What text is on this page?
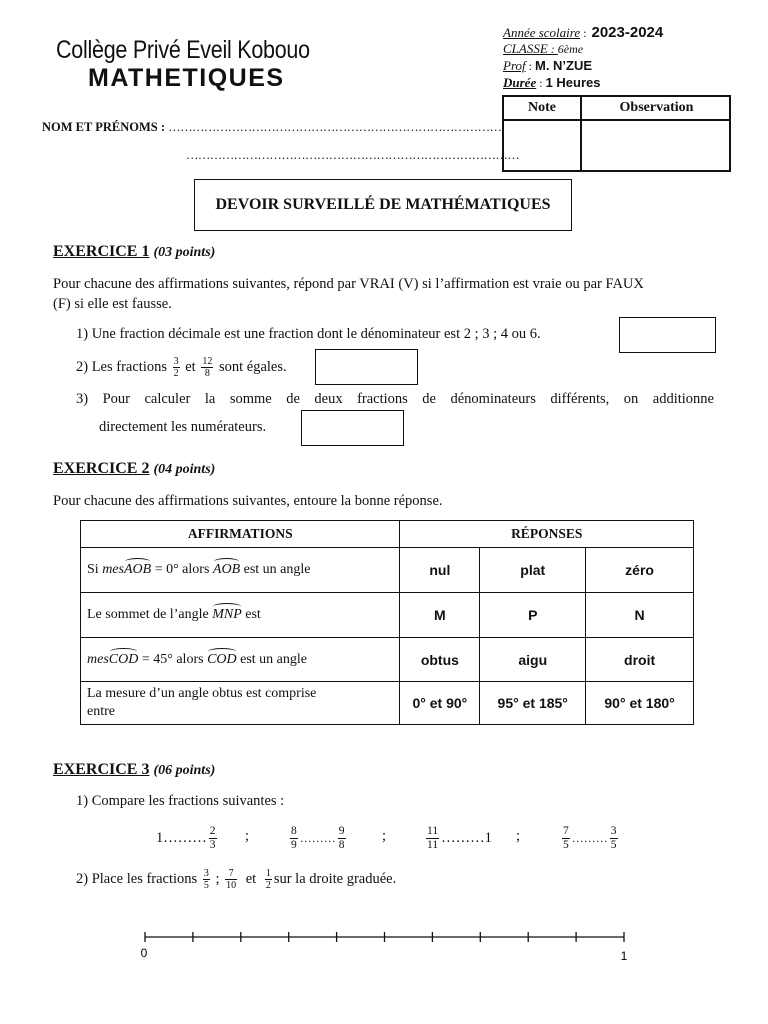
Collège Privé Eveil Kobouo
MATHETIQUES
Année scolaire : 2023-2024
CLASSE : 6ème
Prof : M. N’ZUE
Durée : 1 Heures
NOM ET PRÉNOMS : …………………………………………………………………………
…………………………………………………………………………
Note	Observation
DEVOIR SURVEILLÉ DE MATHÉMATIQUES
EXERCICE 1 (03 points)
Pour chacune des affirmations suivantes, répond par VRAI (V) si l’affirmation est vraie ou par FAUX
(F) si elle est fausse.
1) Une fraction décimale est une fraction dont le dénominateur est 2 ; 3 ; 4 ou 6.
2) Les fractions $\frac{3}{2}$ et $\frac{12}{8}$ sont égales.
3) Pour calculer la somme de deux fractions de dénominateurs différents, on additionne
directement les numérateurs.
EXERCICE 2 (04 points)
Pour chacune des affirmations suivantes, entoure la bonne réponse.
AFFIRMATIONS	RÉPONSES		
Si mesAOB = 0° alors AOB est un angle	nul	plat	zéro
Le sommet de l’angle MNP est	M	P	N
mesCOD = 45° alors COD est un angle	obtus	aigu	droit
La mesure d’un angle obtus est comprise
entre	0° et 90°	95° et 185°	90° et 180°
EXERCICE 3 (06 points)
1) Compare les fractions suivantes :
1……… $\frac{2}{3}$ ;	$\frac{8}{9}$ ……… $\frac{9}{8}$	;	$\frac{11}{11}$ ………1 ;	$\frac{7}{5}$ ……… $\frac{3}{5}$
2) Place les fractions $\frac{3}{5}$ ; $\frac{7}{10}$ et $\frac{1}{2}$ sur la droite graduée.
0	1
